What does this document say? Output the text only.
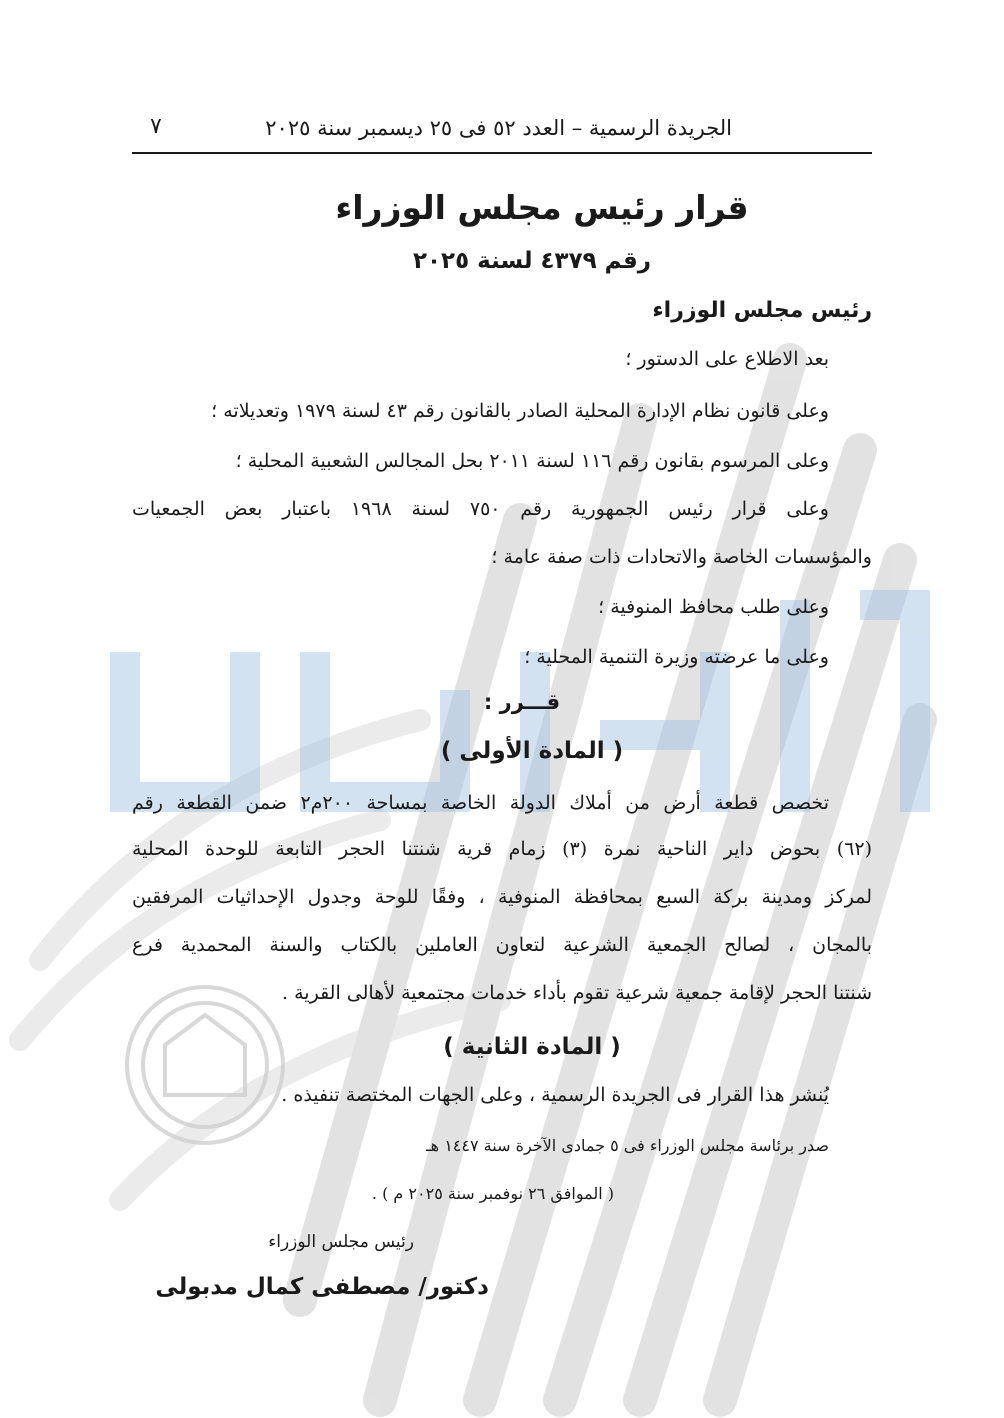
الجريدة الرسمية – العدد ٥٢ فى ٢٥ ديسمبر سنة ٢٠٢٥
٧
قرار رئيس مجلس الوزراء
رقم ٤٣٧٩ لسنة ٢٠٢٥
رئيس مجلس الوزراء
بعد الاطلاع على الدستور ؛
وعلى قانون نظام الإدارة المحلية الصادر بالقانون رقم ٤٣ لسنة ١٩٧٩ وتعديلاته ؛
وعلى المرسوم بقانون رقم ١١٦ لسنة ٢٠١١ بحل المجالس الشعبية المحلية ؛
وعلى قرار رئيس الجمهورية رقم ٧٥٠ لسنة ١٩٦٨ باعتبار بعض الجمعيات
والمؤسسات الخاصة والاتحادات ذات صفة عامة ؛
وعلى طلب محافظ المنوفية ؛
وعلى ما عرضته وزيرة التنمية المحلية ؛
قـــرر :
( المادة الأولى )
تخصص قطعة أرض من أملاك الدولة الخاصة بمساحة ٢٠٠م٢ ضمن القطعة رقم
(٦٢) بحوض داير الناحية نمرة (٣) زمام قرية شنتنا الحجر التابعة للوحدة المحلية
لمركز ومدينة بركة السبع بمحافظة المنوفية ، وفقًا للوحة وجدول الإحداثيات المرفقين
بالمجان ، لصالح الجمعية الشرعية لتعاون العاملين بالكتاب والسنة المحمدية فرع
شنتنا الحجر لإقامة جمعية شرعية تقوم بأداء خدمات مجتمعية لأهالى القرية .
( المادة الثانية )
يُنشر هذا القرار فى الجريدة الرسمية ، وعلى الجهات المختصة تنفيذه .
صدر برئاسة مجلس الوزراء فى ٥ جمادى الآخرة سنة ١٤٤٧ هـ
( الموافق ٢٦ نوفمبر سنة ٢٠٢٥ م ) .
رئيس مجلس الوزراء
دكتور/ مصطفى كمال مدبولى
